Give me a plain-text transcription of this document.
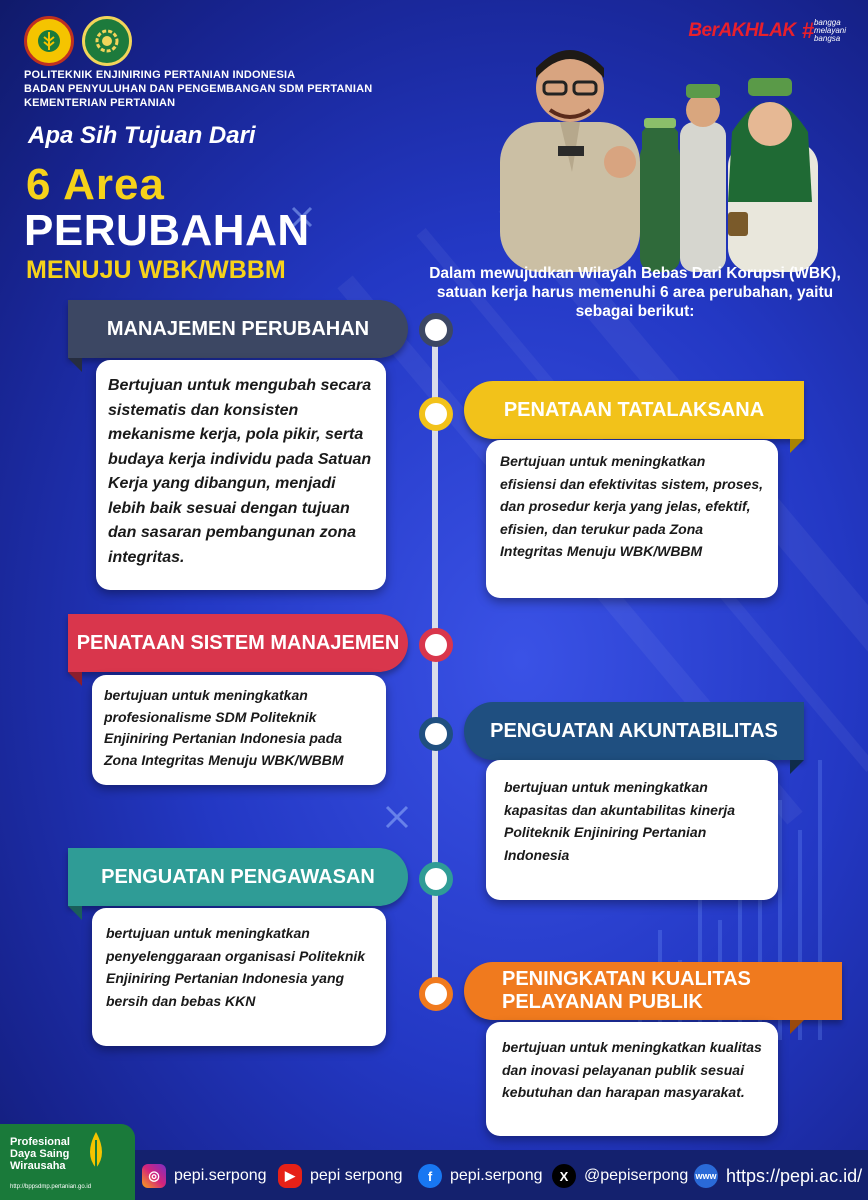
POLITEKNIK ENJINIRING PERTANIAN INDONESIA
BADAN PENYULUHAN DAN PENGEMBANGAN SDM PERTANIAN
KEMENTERIAN PERTANIAN
BerAKHLAK # bangga
melayani
bangsa
Apa Sih Tujuan Dari
6 Area
PERUBAHAN
MENUJU WBK/WBBM	Dalam mewujudkan Wilayah Bebas Dari Korupsi (WBK), satuan kerja harus memenuhi 6 area perubahan, yaitu sebagai berikut:
MANAJEMEN PERUBAHAN
Bertujuan untuk mengubah secara sistematis dan konsisten mekanisme kerja, pola pikir, serta budaya kerja individu pada Satuan Kerja yang dibangun, menjadi lebih baik sesuai dengan tujuan dan sasaran pembangunan zona integritas.
PENATAAN TATALAKSANA
Bertujuan untuk meningkatkan efisiensi dan efektivitas sistem, proses, dan prosedur kerja yang jelas, efektif, efisien, dan terukur pada Zona Integritas Menuju WBK/WBBM
PENATAAN SISTEM MANAJEMEN
bertujuan untuk meningkatkan profesionalisme SDM Politeknik Enjiniring Pertanian Indonesia pada Zona Integritas Menuju WBK/WBBM
PENGUATAN AKUNTABILITAS
bertujuan untuk meningkatkan kapasitas dan akuntabilitas kinerja Politeknik Enjiniring Pertanian Indonesia
PENGUATAN PENGAWASAN
bertujuan untuk meningkatkan penyelenggaraan organisasi Politeknik Enjiniring Pertanian Indonesia yang bersih dan bebas KKN
PENINGKATAN KUALITAS PELAYANAN PUBLIK
bertujuan untuk meningkatkan kualitas dan inovasi pelayanan publik sesuai kebutuhan dan harapan masyarakat.
Profesional
Daya Saing
Wirausaha
http://bppsdmp.pertanian.go.id
◎ pepi.serpong	▶ pepi serpong	f	pepi.serpong	X @pepiserpong www https://pepi.ac.id/
